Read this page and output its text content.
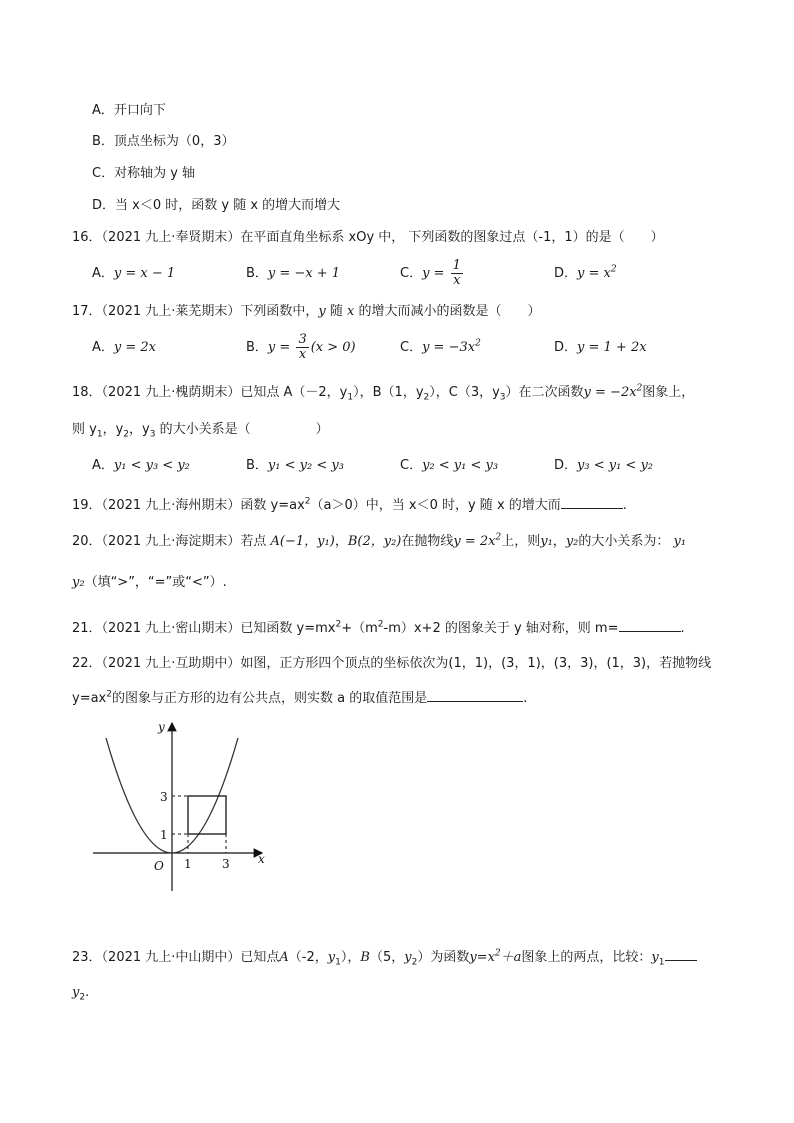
A．开口向下
B．顶点坐标为（0，3）
C．对称轴为 y 轴
D．当 x＜0 时，函数 y 随 x 的增大而增大
16．（2021 九上·奉贤期末）在平面直角坐标系 xOy 中， 下列函数的图象过点（-1，1）的是（　　）
A．y = x − 1	B．y = −x + 1	C．$y = \frac{1}{x}$	D．$y = x^2$
17．（2021 九上·莱芜期末）下列函数中，y 随 x 的增大而减小的函数是（　　）
A．y = 2x	B．$y = \frac{3}{x} (x > 0)$	C．$y = -3x^2$	D．y = 1 + 2x
18．（2021 九上·槐荫期末）已知点 A（－2，$y_1$），B（1，$y_2$），C（3，$y_3$）在二次函数$y = -2x^2$图象上，
则 $y_1$，$y_2$，$y_3$ 的大小关系是（　　　　　）
A．y₁ < y₃ < y₂	B．y₁ < y₂ < y₃	C．y₂ < y₁ < y₃	D．y₃ < y₁ < y₂
19．（2021 九上·海州期末）函数 $y=ax^2(a>0)$中，当 x＜0 时，y 随 x 的增大而	.
20．（2021 九上·海淀期末）若点 A(−1，y₁)，B(2，y₂)在抛物线$y = 2x^2$上，则y₁，y₂的大小关系为： y₁
y₂（填“>”，“=”或“<”）.
21．（2021 九上·密山期末）已知函数 $y=mx^2+(m^2-m)x+2$ 的图象关于 y 轴对称，则 m=	.
22．（2021 九上·互助期中）如图，正方形四个顶点的坐标依次为(1，1)，(3，1)，(3，3)，(1，3)，若抛物线
$y=ax^2$的图象与正方形的边有公共点，则实数 a 的取值范围是	.
y
x
O
3
1
1	3
23．（2021 九上·中山期中）已知点A（-2，$y_1$），B（5，$y_2$）为函数$y=x^2+a$图象上的两点，比较：$y_1$
$y_2$.
